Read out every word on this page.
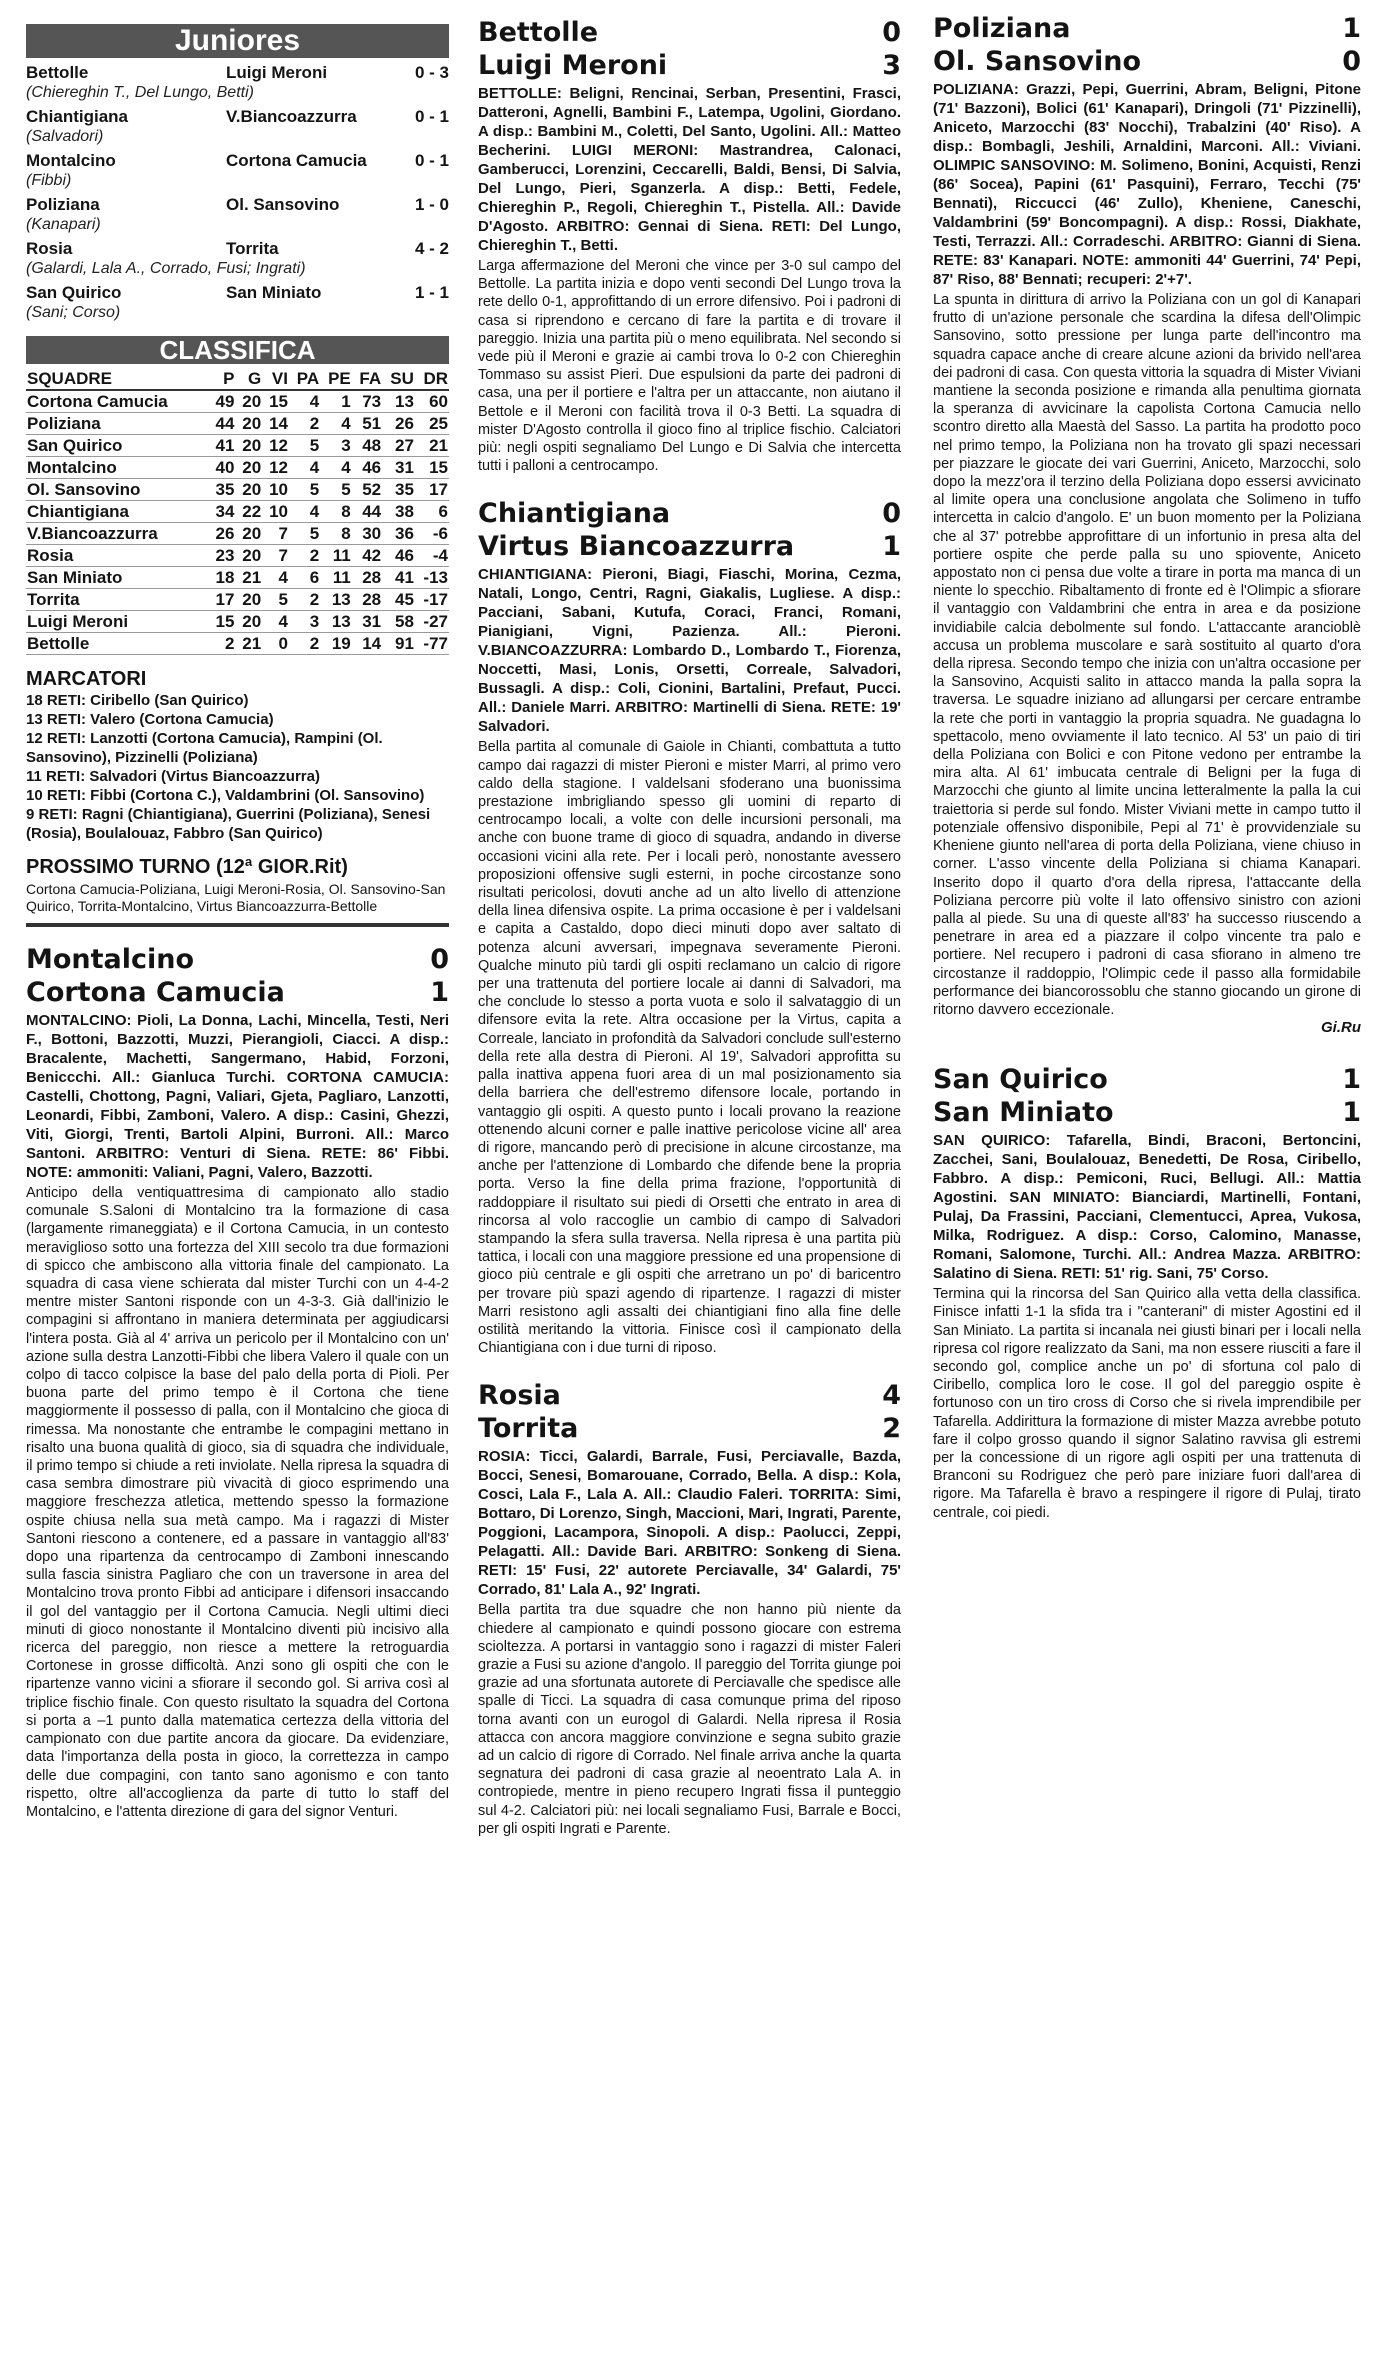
Juniores
Bettolle	Luigi Meroni	0 - 3
(Chiereghin T., Del Lungo, Betti)
Chiantigiana	V.Biancoazzurra	0 - 1
(Salvadori)
Montalcino	Cortona Camucia	0 - 1
(Fibbi)
Poliziana	Ol. Sansovino	1 - 0
(Kanapari)
Rosia	Torrita	4 - 2
(Galardi, Lala A., Corrado, Fusi; Ingrati)
San Quirico	San Miniato	1 - 1
(Sani; Corso)
CLASSIFICA
SQUADRE	P	G	VI	PA	PE	FA	SU	DR
Cortona Camucia	49	20	15	4	1	73	13	60
Poliziana	44	20	14	2	4	51	26	25
San Quirico	41	20	12	5	3	48	27	21
Montalcino	40	20	12	4	4	46	31	15
Ol. Sansovino	35	20	10	5	5	52	35	17
Chiantigiana	34	22	10	4	8	44	38	6
V.Biancoazzurra	26	20	7	5	8	30	36	-6
Rosia	23	20	7	2	11	42	46	-4
San Miniato	18	21	4	6	11	28	41	-13
Torrita	17	20	5	2	13	28	45	-17
Luigi Meroni	15	20	4	3	13	31	58	-27
Bettolle	2	21	0	2	19	14	91	-77
MARCATORI
18 RETI: Ciribello (San Quirico)
13 RETI: Valero (Cortona Camucia)
12 RETI: Lanzotti (Cortona Camucia), Rampini (Ol. Sansovino), Pizzinelli (Poliziana)
11 RETI: Salvadori (Virtus Biancoazzurra)
10 RETI: Fibbi (Cortona C.), Valdambrini (Ol. Sansovino)
9 RETI: Ragni (Chiantigiana), Guerrini (Poliziana), Senesi (Rosia), Boulalouaz, Fabbro (San Quirico)
PROSSIMO TURNO (12ª GIOR.Rit)
Cortona Camucia-Poliziana, Luigi Meroni-Rosia, Ol. Sansovino-San Quirico, Torrita-Montalcino, Virtus Biancoazzurra-Bettolle
Montalcino	0
Cortona Camucia	1
MONTALCINO: Pioli, La Donna, Lachi, Mincella, Testi, Neri F., Bottoni, Bazzotti, Muzzi, Pierangioli, Ciacci. A disp.: Bracalente, Machetti, Sangermano, Habid, Forzoni, Beniccchi. All.: Gianluca Turchi. CORTONA CAMUCIA: Castelli, Chottong, Pagni, Valiari, Gjeta, Pagliaro, Lanzotti, Leonardi, Fibbi, Zamboni, Valero. A disp.: Casini, Ghezzi, Viti, Giorgi, Trenti, Bartoli Alpini, Burroni. All.: Marco Santoni. ARBITRO: Venturi di Siena. RETE: 86' Fibbi. NOTE: ammoniti: Valiani, Pagni, Valero, Bazzotti.
Anticipo della ventiquattresima di campionato allo stadio comunale S.Saloni di Montalcino tra la formazione di casa (largamente rimaneggiata) e il Cortona Camucia, in un contesto meraviglioso sotto una fortezza del XIII secolo tra due formazioni di spicco che ambiscono alla vittoria finale del campionato. La squadra di casa viene schierata dal mister Turchi con un 4-4-2 mentre mister Santoni risponde con un 4-3-3. Già dall'inizio le compagini si affrontano in maniera determinata per aggiudicarsi l'intera posta. Già al 4' arriva un pericolo per il Montalcino con un' azione sulla destra Lanzotti-Fibbi che libera Valero il quale con un colpo di tacco colpisce la base del palo della porta di Pioli. Per buona parte del primo tempo è il Cortona che tiene maggiormente il possesso di palla, con il Montalcino che gioca di rimessa. Ma nonostante che entrambe le compagini mettano in risalto una buona qualità di gioco, sia di squadra che individuale, il primo tempo si chiude a reti inviolate. Nella ripresa la squadra di casa sembra dimostrare più vivacità di gioco esprimendo una maggiore freschezza atletica, mettendo spesso la formazione ospite chiusa nella sua metà campo. Ma i ragazzi di Mister Santoni riescono a contenere, ed a passare in vantaggio all'83' dopo una ripartenza da centrocampo di Zamboni innescando sulla fascia sinistra Pagliaro che con un traversone in area del Montalcino trova pronto Fibbi ad anticipare i difensori insaccando il gol del vantaggio per il Cortona Camucia. Negli ultimi dieci minuti di gioco nonostante il Montalcino diventi più incisivo alla ricerca del pareggio, non riesce a mettere la retroguardia Cortonese in grosse difficoltà. Anzi sono gli ospiti che con le ripartenze vanno vicini a sfiorare il secondo gol. Si arriva così al triplice fischio finale. Con questo risultato la squadra del Cortona si porta a –1 punto dalla matematica certezza della vittoria del campionato con due partite ancora da giocare. Da evidenziare, data l'importanza della posta in gioco, la correttezza in campo delle due compagini, con tanto sano agonismo e con tanto rispetto, oltre all'accoglienza da parte di tutto lo staff del Montalcino, e l'attenta direzione di gara del signor Venturi.
Bettolle	0
Luigi Meroni	3
BETTOLLE: Beligni, Rencinai, Serban, Presentini, Frasci, Datteroni, Agnelli, Bambini F., Latempa, Ugolini, Giordano. A disp.: Bambini M., Coletti, Del Santo, Ugolini. All.: Matteo Becherini. LUIGI MERONI: Mastrandrea, Calonaci, Gamberucci, Lorenzini, Ceccarelli, Baldi, Bensi, Di Salvia, Del Lungo, Pieri, Sganzerla. A disp.: Betti, Fedele, Chiereghin P., Regoli, Chiereghin T., Pistella. All.: Davide D'Agosto. ARBITRO: Gennai di Siena. RETI: Del Lungo, Chiereghin T., Betti.
Larga affermazione del Meroni che vince per 3-0 sul campo del Bettolle. La partita inizia e dopo venti secondi Del Lungo trova la rete dello 0-1, approfittando di un errore difensivo. Poi i padroni di casa si riprendono e cercano di fare la partita e di trovare il pareggio. Inizia una partita più o meno equilibrata. Nel secondo si vede più il Meroni e grazie ai cambi trova lo 0-2 con Chiereghin Tommaso su assist Pieri. Due espulsioni da parte dei padroni di casa, una per il portiere e l'altra per un attaccante, non aiutano il Bettole e il Meroni con facilità trova il 0-3 Betti. La squadra di mister D'Agosto controlla il gioco fino al triplice fischio. Calciatori più: negli ospiti segnaliamo Del Lungo e Di Salvia che intercetta tutti i palloni a centrocampo.
Chiantigiana	0
Virtus Biancoazzurra	1
CHIANTIGIANA: Pieroni, Biagi, Fiaschi, Morina, Cezma, Natali, Longo, Centri, Ragni, Giakalis, Lugliese. A disp.: Pacciani, Sabani, Kutufa, Coraci, Franci, Romani, Pianigiani, Vigni, Pazienza. All.: Pieroni. V.BIANCOAZZURRA: Lombardo D., Lombardo T., Fiorenza, Noccetti, Masi, Lonis, Orsetti, Correale, Salvadori, Bussagli. A disp.: Coli, Cionini, Bartalini, Prefaut, Pucci. All.: Daniele Marri. ARBITRO: Martinelli di Siena. RETE: 19' Salvadori.
Bella partita al comunale di Gaiole in Chianti, combattuta a tutto campo dai ragazzi di mister Pieroni e mister Marri, al primo vero caldo della stagione. I valdelsani sfoderano una buonissima prestazione imbrigliando spesso gli uomini di reparto di centrocampo locali, a volte con delle incursioni personali, ma anche con buone trame di gioco di squadra, andando in diverse occasioni vicini alla rete. Per i locali però, nonostante avessero proposizioni offensive sugli esterni, in poche circostanze sono risultati pericolosi, dovuti anche ad un alto livello di attenzione della linea difensiva ospite. La prima occasione è per i valdelsani e capita a Castaldo, dopo dieci minuti dopo aver saltato di potenza alcuni avversari, impegnava severamente Pieroni. Qualche minuto più tardi gli ospiti reclamano un calcio di rigore per una trattenuta del portiere locale ai danni di Salvadori, ma che conclude lo stesso a porta vuota e solo il salvataggio di un difensore evita la rete. Altra occasione per la Virtus, capita a Correale, lanciato in profondità da Salvadori conclude sull'esterno della rete alla destra di Pieroni. Al 19', Salvadori approfitta su palla inattiva appena fuori area di un mal posizionamento sia della barriera che dell'estremo difensore locale, portando in vantaggio gli ospiti. A questo punto i locali provano la reazione ottenendo alcuni corner e palle inattive pericolose vicine all' area di rigore, mancando però di precisione in alcune circostanze, ma anche per l'attenzione di Lombardo che difende bene la propria porta. Verso la fine della prima frazione, l'opportunità di raddoppiare il risultato sui piedi di Orsetti che entrato in area di rincorsa al volo raccoglie un cambio di campo di Salvadori stampando la sfera sulla traversa. Nella ripresa è una partita più tattica, i locali con una maggiore pressione ed una propensione di gioco più centrale e gli ospiti che arretrano un po' di baricentro per trovare più spazi agendo di ripartenze. I ragazzi di mister Marri resistono agli assalti dei chiantigiani fino alla fine delle ostilità meritando la vittoria. Finisce così il campionato della Chiantigiana con i due turni di riposo.
Rosia	4
Torrita	2
ROSIA: Ticci, Galardi, Barrale, Fusi, Perciavalle, Bazda, Bocci, Senesi, Bomarouane, Corrado, Bella. A disp.: Kola, Cosci, Lala F., Lala A. All.: Claudio Faleri. TORRITA: Simi, Bottaro, Di Lorenzo, Singh, Maccioni, Mari, Ingrati, Parente, Poggioni, Lacampora, Sinopoli. A disp.: Paolucci, Zeppi, Pelagatti. All.: Davide Bari. ARBITRO: Sonkeng di Siena. RETI: 15' Fusi, 22' autorete Perciavalle, 34' Galardi, 75' Corrado, 81' Lala A., 92' Ingrati.
Bella partita tra due squadre che non hanno più niente da chiedere al campionato e quindi possono giocare con estrema scioltezza. A portarsi in vantaggio sono i ragazzi di mister Faleri grazie a Fusi su azione d'angolo. Il pareggio del Torrita giunge poi grazie ad una sfortunata autorete di Perciavalle che spedisce alle spalle di Ticci. La squadra di casa comunque prima del riposo torna avanti con un eurogol di Galardi. Nella ripresa il Rosia attacca con ancora maggiore convinzione e segna subito grazie ad un calcio di rigore di Corrado. Nel finale arriva anche la quarta segnatura dei padroni di casa grazie al neoentrato Lala A. in contropiede, mentre in pieno recupero Ingrati fissa il punteggio sul 4-2. Calciatori più: nei locali segnaliamo Fusi, Barrale e Bocci, per gli ospiti Ingrati e Parente.
Poliziana	1
Ol. Sansovino	0
POLIZIANA: Grazzi, Pepi, Guerrini, Abram, Beligni, Pitone (71' Bazzoni), Bolici (61' Kanapari), Dringoli (71' Pizzinelli), Aniceto, Marzocchi (83' Nocchi), Trabalzini (40' Riso). A disp.: Bombagli, Jeshili, Arnaldini, Marconi. All.: Viviani. OLIMPIC SANSOVINO: M. Solimeno, Bonini, Acquisti, Renzi (86' Socea), Papini (61' Pasquini), Ferraro, Tecchi (75' Bennati), Riccucci (46' Zullo), Kheniene, Caneschi, Valdambrini (59' Boncompagni). A disp.: Rossi, Diakhate, Testi, Terrazzi. All.: Corradeschi. ARBITRO: Gianni di Siena. RETE: 83' Kanapari. NOTE: ammoniti 44' Guerrini, 74' Pepi, 87' Riso, 88' Bennati; recuperi: 2'+7'.
La spunta in dirittura di arrivo la Poliziana con un gol di Kanapari frutto di un'azione personale che scardina la difesa dell'Olimpic Sansovino, sotto pressione per lunga parte dell'incontro ma squadra capace anche di creare alcune azioni da brivido nell'area dei padroni di casa. Con questa vittoria la squadra di Mister Viviani mantiene la seconda posizione e rimanda alla penultima giornata la speranza di avvicinare la capolista Cortona Camucia nello scontro diretto alla Maestà del Sasso. La partita ha prodotto poco nel primo tempo, la Poliziana non ha trovato gli spazi necessari per piazzare le giocate dei vari Guerrini, Aniceto, Marzocchi, solo dopo la mezz'ora il terzino della Poliziana dopo essersi avvicinato al limite opera una conclusione angolata che Solimeno in tuffo intercetta in calcio d'angolo. E' un buon momento per la Poliziana che al 37' potrebbe approfittare di un infortunio in presa alta del portiere ospite che perde palla su uno spiovente, Aniceto appostato non ci pensa due volte a tirare in porta ma manca di un niente lo specchio. Ribaltamento di fronte ed è l'Olimpic a sfiorare il vantaggio con Valdambrini che entra in area e da posizione invidiabile calcia debolmente sul fondo. L'attaccante arancioblè accusa un problema muscolare e sarà sostituito al quarto d'ora della ripresa. Secondo tempo che inizia con un'altra occasione per la Sansovino, Acquisti salito in attacco manda la palla sopra la traversa. Le squadre iniziano ad allungarsi per cercare entrambe la rete che porti in vantaggio la propria squadra. Ne guadagna lo spettacolo, meno ovviamente il lato tecnico. Al 53' un paio di tiri della Poliziana con Bolici e con Pitone vedono per entrambe la mira alta. Al 61' imbucata centrale di Beligni per la fuga di Marzocchi che giunto al limite uncina letteralmente la palla la cui traiettoria si perde sul fondo. Mister Viviani mette in campo tutto il potenziale offensivo disponibile, Pepi al 71' è provvidenziale su Kheniene giunto nell'area di porta della Poliziana, viene chiuso in corner. L'asso vincente della Poliziana si chiama Kanapari. Inserito dopo il quarto d'ora della ripresa, l'attaccante della Poliziana percorre più volte il lato offensivo sinistro con azioni palla al piede. Su una di queste all'83' ha successo riuscendo a penetrare in area ed a piazzare il colpo vincente tra palo e portiere. Nel recupero i padroni di casa sfiorano in almeno tre circostanze il raddoppio, l'Olimpic cede il passo alla formidabile performance dei biancorossoblu che stanno giocando un girone di ritorno davvero eccezionale.
Gi.Ru
San Quirico	1
San Miniato	1
SAN QUIRICO: Tafarella, Bindi, Braconi, Bertoncini, Zacchei, Sani, Boulalouaz, Benedetti, De Rosa, Ciribello, Fabbro. A disp.: Pemiconi, Ruci, Bellugi. All.: Mattia Agostini. SAN MINIATO: Bianciardi, Martinelli, Fontani, Pulaj, Da Frassini, Pacciani, Clementucci, Aprea, Vukosa, Milka, Rodriguez. A disp.: Corso, Calomino, Manasse, Romani, Salomone, Turchi. All.: Andrea Mazza. ARBITRO: Salatino di Siena. RETI: 51' rig. Sani, 75' Corso.
Termina qui la rincorsa del San Quirico alla vetta della classifica. Finisce infatti 1-1 la sfida tra i "canterani" di mister Agostini ed il San Miniato. La partita si incanala nei giusti binari per i locali nella ripresa col rigore realizzato da Sani, ma non essere riusciti a fare il secondo gol, complice anche un po' di sfortuna col palo di Ciribello, complica loro le cose. Il gol del pareggio ospite è fortunoso con un tiro cross di Corso che si rivela imprendibile per Tafarella. Addirittura la formazione di mister Mazza avrebbe potuto fare il colpo grosso quando il signor Salatino ravvisa gli estremi per la concessione di un rigore agli ospiti per una trattenuta di Branconi su Rodriguez che però pare iniziare fuori dall'area di rigore. Ma Tafarella è bravo a respingere il rigore di Pulaj, tirato centrale, coi piedi.
